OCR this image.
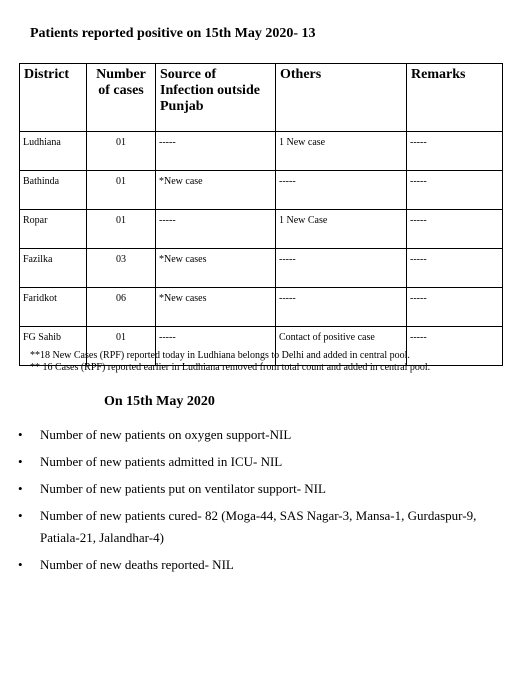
Patients reported positive on 15th May 2020- 13
District	Number of cases	Source of Infection outside Punjab	Others	Remarks
Ludhiana	01	-----	1 New case	-----
Bathinda	01	*New case	-----	-----
Ropar	01	-----	1 New Case	-----
Fazilka	03	*New cases	-----	-----
Faridkot	06	*New cases	-----	-----
FG Sahib	01	-----	Contact of positive case	-----
**18 New Cases (RPF) reported today in Ludhiana belongs to Delhi and added in central pool.
** 16 Cases (RPF) reported earlier in Ludhiana removed from total count and added in central pool.
On 15th May 2020
• Number of new patients on oxygen support-NIL
• Number of new patients admitted in ICU- NIL
• Number of new patients put on ventilator support- NIL
• Number of new patients cured- 82 (Moga-44, SAS Nagar-3, Mansa-1, Gurdaspur-9, Patiala-21, Jalandhar-4)
• Number of new deaths reported- NIL
